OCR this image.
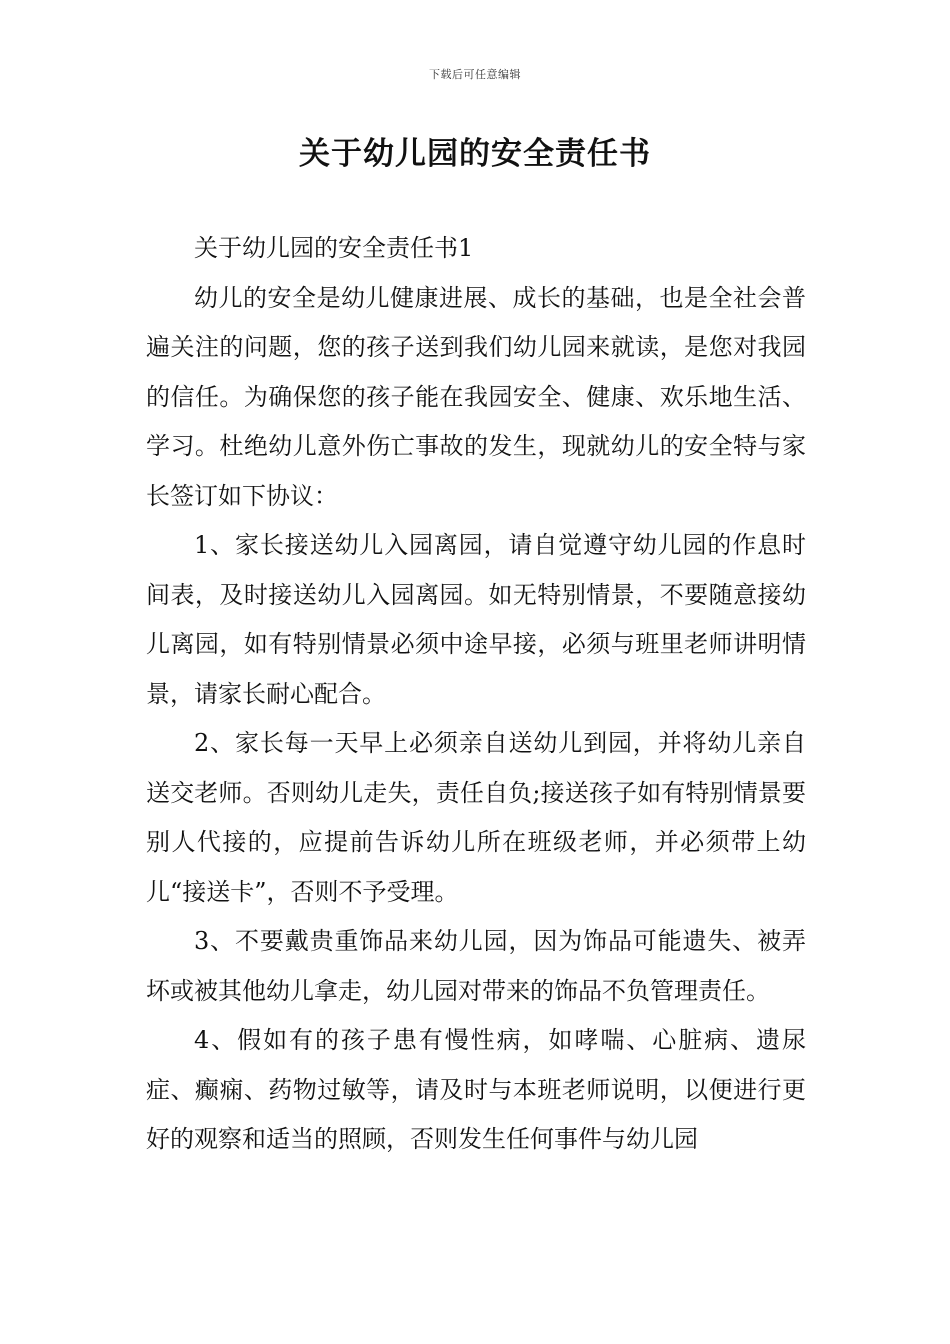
下载后可任意编辑
关于幼儿园的安全责任书

关于幼儿园的安全责任书1

幼儿的安全是幼儿健康进展、成长的基础，也是全社会普遍关注的问题，您的孩子送到我们幼儿园来就读，是您对我园的信任。为确保您的孩子能在我园安全、健康、欢乐地生活、学习。杜绝幼儿意外伤亡事故的发生，现就幼儿的安全特与家长签订如下协议：

1、家长接送幼儿入园离园，请自觉遵守幼儿园的作息时间表，及时接送幼儿入园离园。如无特别情景，不要随意接幼儿离园，如有特别情景必须中途早接，必须与班里老师讲明情景，请家长耐心配合。

2、家长每一天早上必须亲自送幼儿到园，并将幼儿亲自送交老师。否则幼儿走失，责任自负;接送孩子如有特别情景要别人代接的，应提前告诉幼儿所在班级老师，并必须带上幼儿“接送卡”，否则不予受理。

3、不要戴贵重饰品来幼儿园，因为饰品可能遗失、被弄坏或被其他幼儿拿走，幼儿园对带来的饰品不负管理责任。

4、假如有的孩子患有慢性病，如哮喘、心脏病、遗尿症、癫痫、药物过敏等，请及时与本班老师说明，以便进行更好的观察和适当的照顾，否则发生任何事件与幼儿园
